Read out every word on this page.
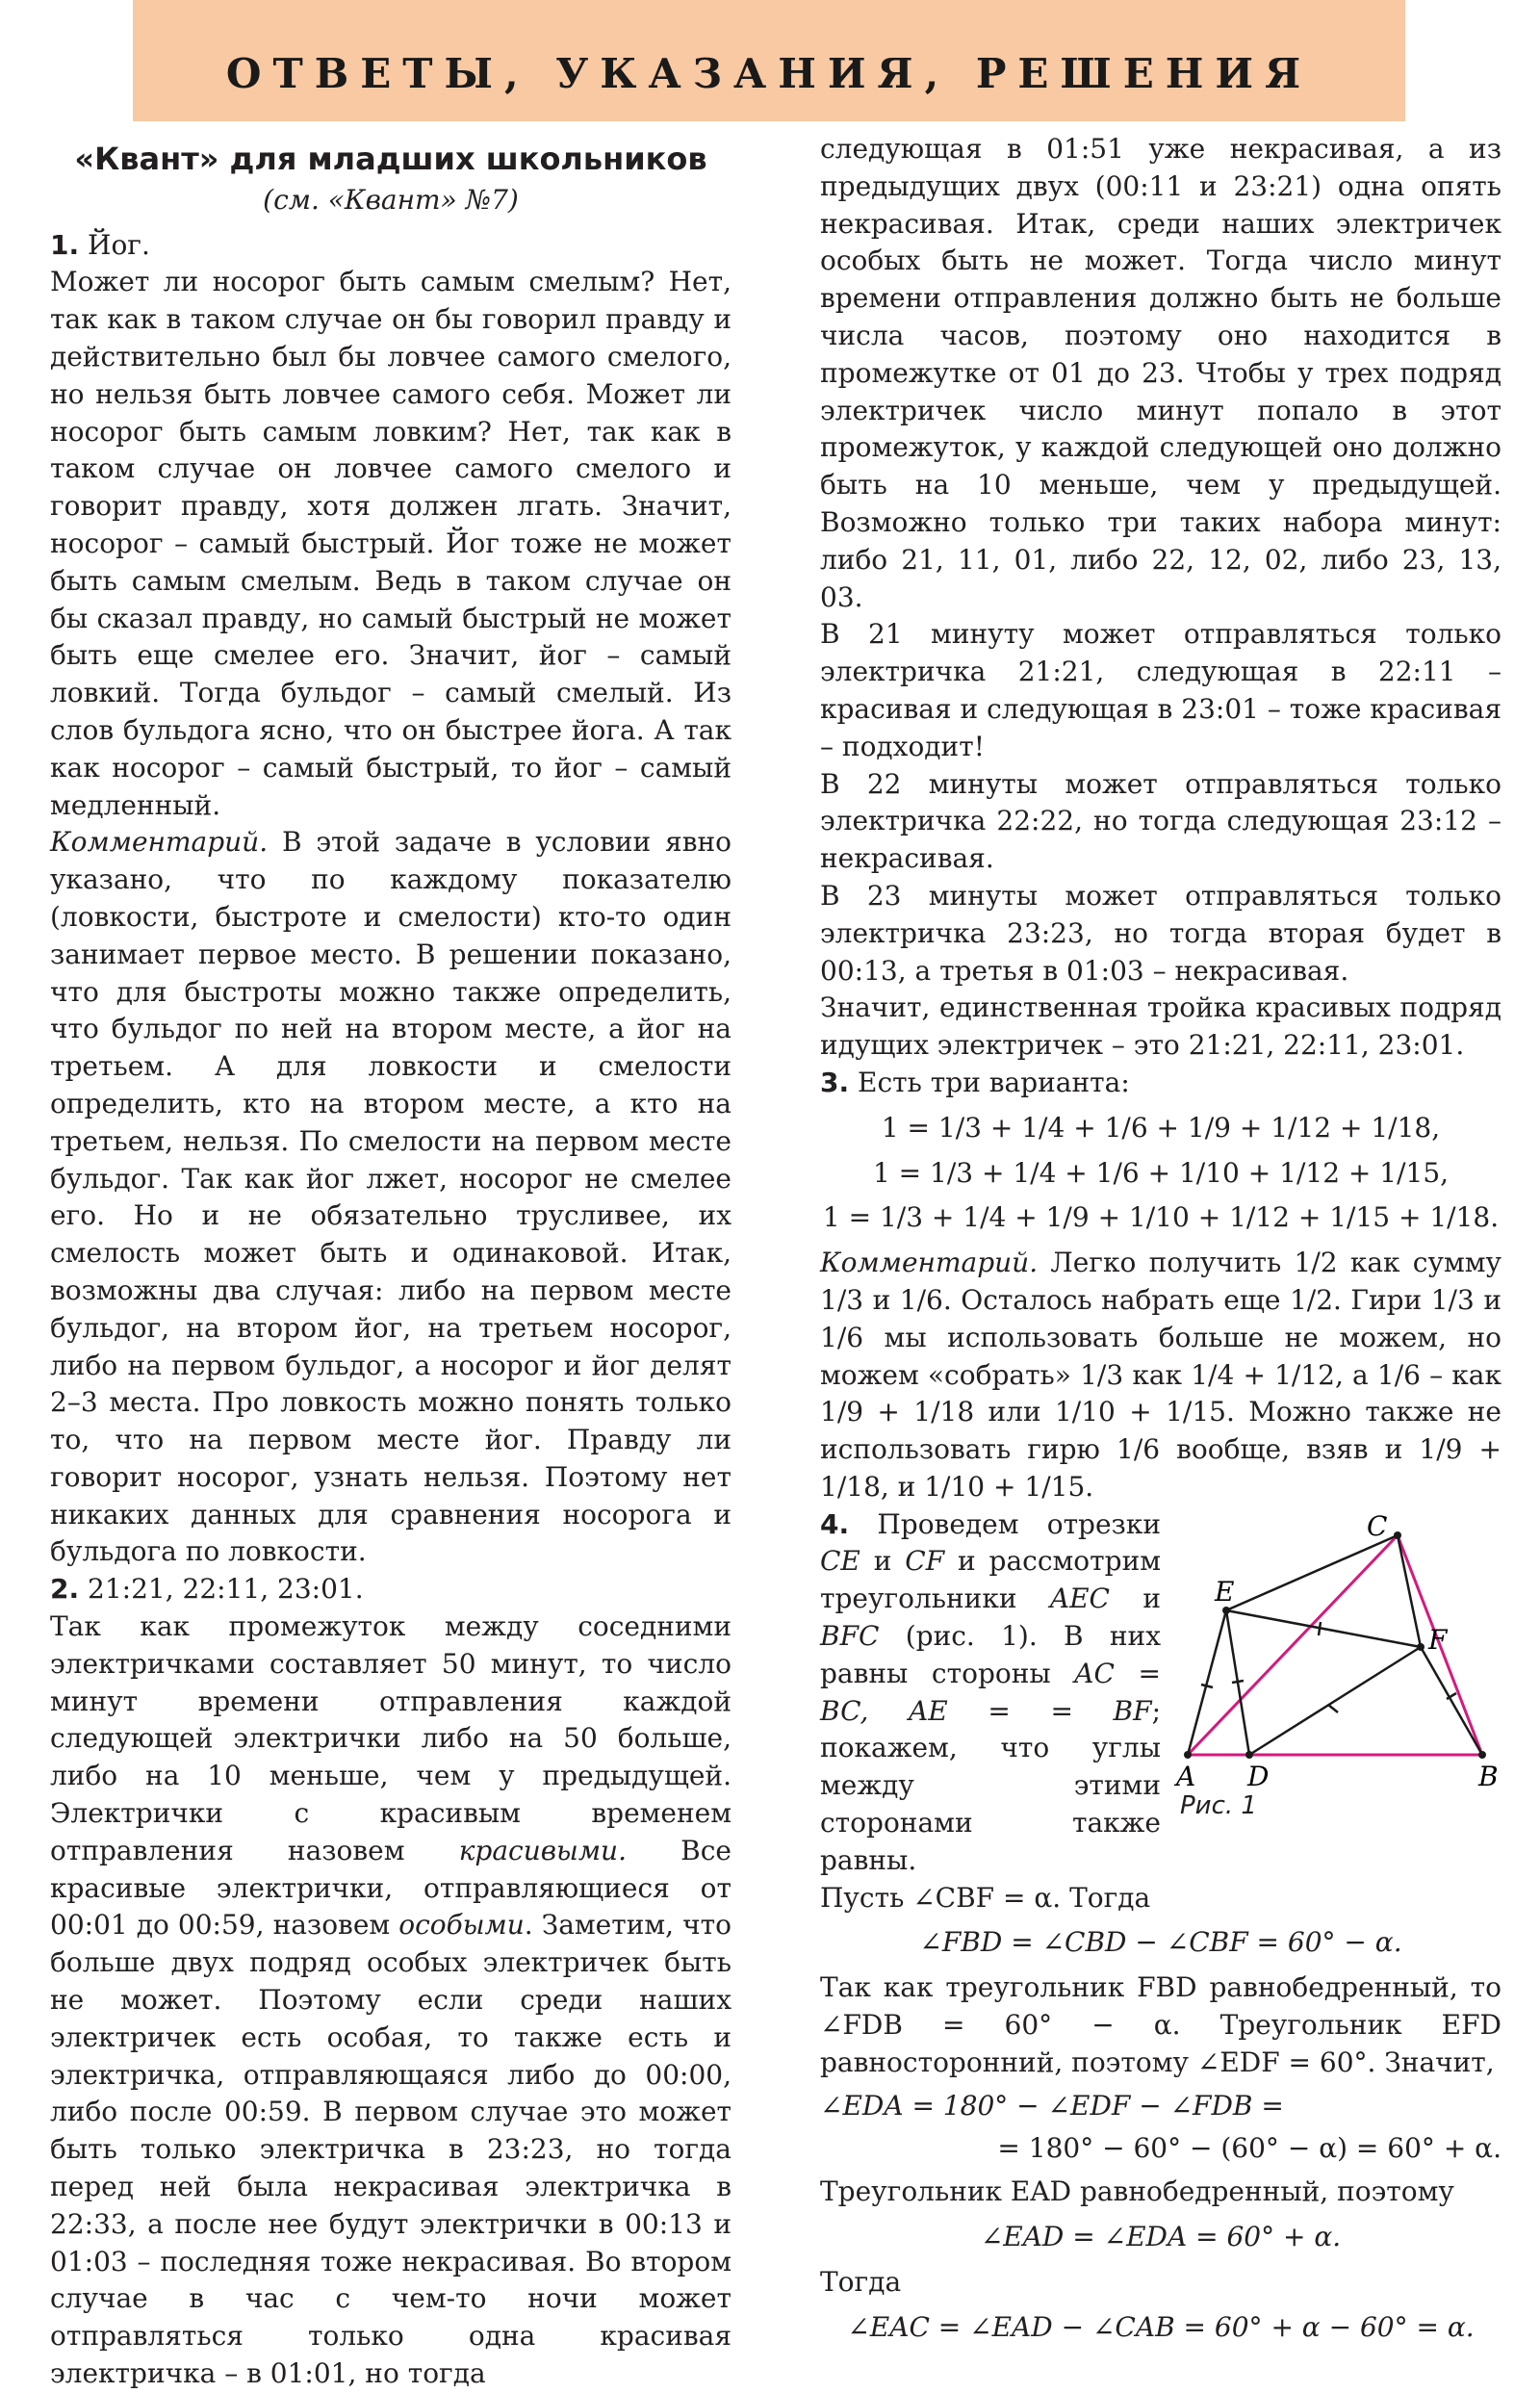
ОТВЕТЫ, УКАЗАНИЯ, РЕШЕНИЯ
«Квант» для младших школьников
(см. «Квант» №7)

1. Йог.

Может ли носорог быть самым смелым? Нет, так как в таком случае он бы говорил правду и действительно был бы ловчее самого смелого, но нельзя быть ловчее самого себя. Может ли носорог быть самым ловким? Нет, так как в таком случае он ловчее самого смелого и говорит правду, хотя должен лгать. Значит, носорог – самый быстрый. Йог тоже не может быть самым смелым. Ведь в таком случае он бы сказал правду, но самый быстрый не может быть еще смелее его. Значит, йог – самый ловкий. Тогда бульдог – самый смелый. Из слов бульдога ясно, что он быстрее йога. А так как носорог – самый быстрый, то йог – самый медленный.

Комментарий. В этой задаче в условии явно указано, что по каждому показателю (ловкости, быстроте и смелости) кто-то один занимает первое место. В решении показано, что для быстроты можно также определить, что бульдог по ней на втором месте, а йог на третьем. А для ловкости и смелости определить, кто на втором месте, а кто на третьем, нельзя. По смелости на первом месте бульдог. Так как йог лжет, носорог не смелее его. Но и не обязательно трусливее, их смелость может быть и одинаковой. Итак, возможны два случая: либо на первом месте бульдог, на втором йог, на третьем носорог, либо на первом бульдог, а носорог и йог делят 2–3 места. Про ловкость можно понять только то, что на первом месте йог. Правду ли говорит носорог, узнать нельзя. Поэтому нет никаких данных для сравнения носорога и бульдога по ловкости.

2. 21:21, 22:11, 23:01.

Так как промежуток между соседними электричками составляет 50 минут, то число минут времени отправления каждой следующей электрички либо на 50 больше, либо на 10 меньше, чем у предыдущей. Электрички с красивым временем отправления назовем красивыми. Все красивые электрички, отправляющиеся от 00:01 до 00:59, назовем особыми. Заметим, что больше двух подряд особых электричек быть не может. Поэтому если среди наших электричек есть особая, то также есть и электричка, отправляющаяся либо до 00:00, либо после 00:59. В первом случае это может быть только электричка в 23:23, но тогда перед ней была некрасивая электричка в 22:33, а после нее будут электрички в 00:13 и 01:03 – последняя тоже некрасивая. Во втором случае в час с чем-то ночи может отправляться только одна красивая электричка – в 01:01, но тогда

следующая в 01:51 уже некрасивая, а из предыдущих двух (00:11 и 23:21) одна опять некрасивая. Итак, среди наших электричек особых быть не может. Тогда число минут времени отправления должно быть не больше числа часов, поэтому оно находится в промежутке от 01 до 23. Чтобы у трех подряд электричек число минут попало в этот промежуток, у каждой следующей оно должно быть на 10 меньше, чем у предыдущей. Возможно только три таких набора минут: либо 21, 11, 01, либо 22, 12, 02, либо 23, 13, 03.

В 21 минуту может отправляться только электричка 21:21, следующая в 22:11 – красивая и следующая в 23:01 – тоже красивая – подходит!

В 22 минуты может отправляться только электричка 22:22, но тогда следующая 23:12 – некрасивая.

В 23 минуты может отправляться только электричка 23:23, но тогда вторая будет в 00:13, а третья в 01:03 – некрасивая.

Значит, единственная тройка красивых подряд идущих электричек – это 21:21, 22:11, 23:01.

3. Есть три варианта:

1 = 1/3 + 1/4 + 1/6 + 1/9 + 1/12 + 1/18,
1 = 1/3 + 1/4 + 1/6 + 1/10 + 1/12 + 1/15,
1 = 1/3 + 1/4 + 1/9 + 1/10 + 1/12 + 1/15 + 1/18.

Комментарий. Легко получить 1/2 как сумму 1/3 и 1/6. Осталось набрать еще 1/2. Гири 1/3 и 1/6 мы использовать больше не можем, но можем «собрать» 1/3 как 1/4 + 1/12, а 1/6 – как 1/9 + 1/18 или 1/10 + 1/15. Можно также не использовать гирю 1/6 вообще, взяв и 1/9 + 1/18, и 1/10 + 1/15.

A D	B
C
E
F
Рис. 1

4. Проведем отрезки CE и CF и рассмотрим треугольники AEC и BFC (рис. 1). В них равны стороны AC = BC, AE = = BF; покажем, что углы между этими сторонами также равны.

Пусть ∠CBF = α. Тогда

∠FBD = ∠CBD − ∠CBF = 60° − α.

Так как треугольник FBD равнобедренный, то ∠FDB = 60° − α. Треугольник EFD равносторонний, поэтому ∠EDF = 60°. Значит,

∠EDA = 180° − ∠EDF − ∠FDB =
= 180° − 60° − (60° − α) = 60° + α.

Треугольник EAD равнобедренный, поэтому

∠EAD = ∠EDA = 60° + α.

Тогда

∠EAC = ∠EAD − ∠CAB = 60° + α − 60° = α.
